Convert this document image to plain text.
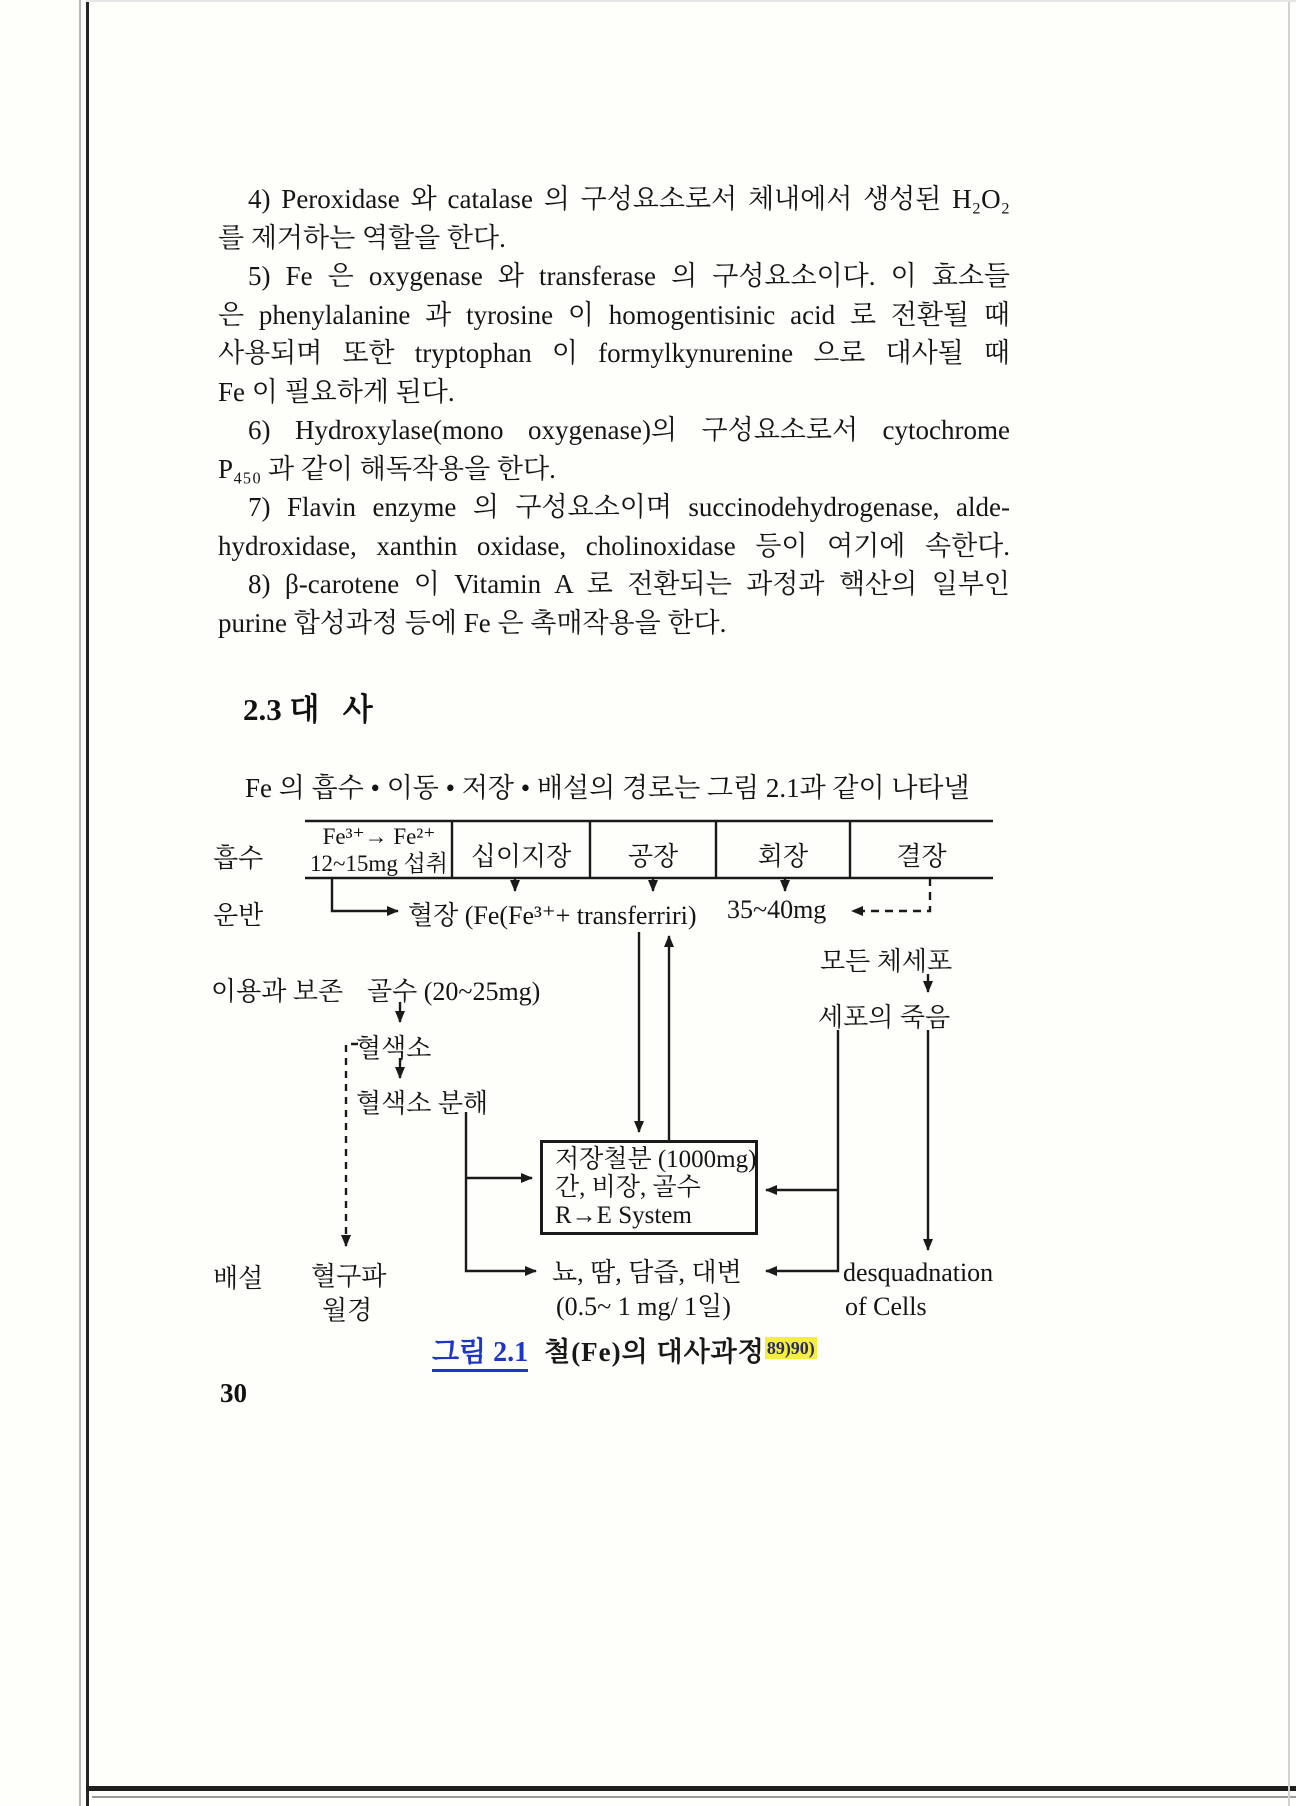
4) Peroxidase 와 catalase 의 구성요소로서 체내에서 생성된 H₂O₂
를 제거하는 역할을 한다.
5) Fe 은 oxygenase 와 transferase 의 구성요소이다. 이 효소들
은 phenylalanine 과 tyrosine 이 homogentisinic acid 로 전환될 때
사용되며 또한 tryptophan 이 formylkynurenine 으로 대사될 때
Fe 이 필요하게 된다.
6) Hydroxylase(mono oxygenase)의 구성요소로서 cytochrome
P₄₅₀ 과 같이 해독작용을 한다.
7) Flavin enzyme 의 구성요소이며 succinodehydrogenase, alde-
hydroxidase, xanthin oxidase, cholinoxidase 등이 여기에 속한다.
8) β-carotene 이 Vitamin A 로 전환되는 과정과 핵산의 일부인
purine 합성과정 등에 Fe 은 촉매작용을 한다.
2.3 대   사
Fe 의 흡수 • 이동 • 저장 • 배설의 경로는 그림 2.1과 같이 나타낼
흡수
운반
이용과 보존
배설
Fe³⁺→ Fe²⁺
12~15mg 섭취 십이지장	공장	회장	결장
혈장 (Fe(Fe³⁺+ transferriri) 35~40mg
모든 체세포
세포의 죽음
골수 (20~25mg)
혈색소
혈색소 분해
저장철분 (1000mg)
간, 비장, 골수
R→E System
혈구파
월경
뇨, 땀, 담즙, 대변
(0.5~ 1 mg/ 1일)
desquadnation
of Cells
그림 2.1 철(Fe)의 대사과정 $^{89)90)}$
30
